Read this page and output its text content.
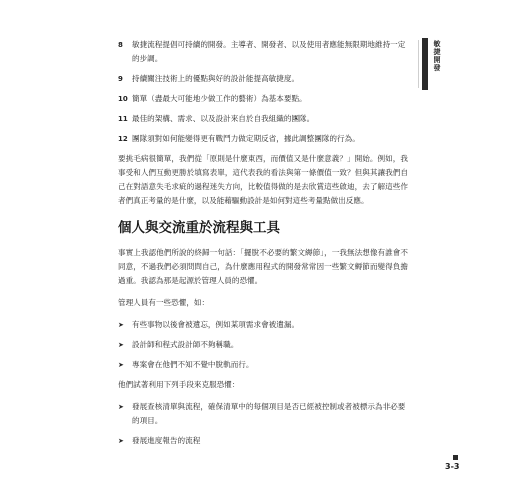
敏捷開發
8	敏捷流程提倡可持續的開發。主導者、開發者、以及使用者應能無限期地維持一定的步調。
9	持續關注技術上的優點與好的設計能提高敏捷度。
10 簡單（盡最大可能地少做工作的藝術）為基本要點。
11 最佳的架構、需求、以及設計來自於自我組織的團隊。
12 團隊須對如何能變得更有戰鬥力做定期反省，據此調整團隊的行為。

要挑毛病很簡單，我們從「原則是什麼東西，而價值又是什麼意義？」開始。例如，我事受和人們互動更勝於填寫表單，這代表我的看法與第一條價值一致？但與其讓我們自己在對語意失毛求疵的過程迷失方向，比較值得做的是去欣賞這些啟迪，去了解這些作者們真正考量的是什麼，以及能藉驅動設計是如何對這些考量點做出反應。

個人與交流重於流程與工具

事實上我認他們所說的終歸一句話：「擺脫不必要的繁文縟節」，一我無法想像有誰會不同意，不過我們必須問問自己，為什麼應用程式的開發常常因一些繁文縟節而變得負擔過重。我認為那是起源於管理人員的恐懼。

管理人員有一些恐懼，如：

➤	有些事物以後會被遺忘，例如某項需求會被遺漏。
➤	設計師和程式設計師不夠稱職。
➤	專案會在他們不知不覺中脫軌而行。

他們試著利用下列手段來克服恐懼：

➤	發展查核清單與流程，確保清單中的每個項目是否已經被控制或者被標示為非必要的項目。
➤	發展進度報告的流程
3-3
